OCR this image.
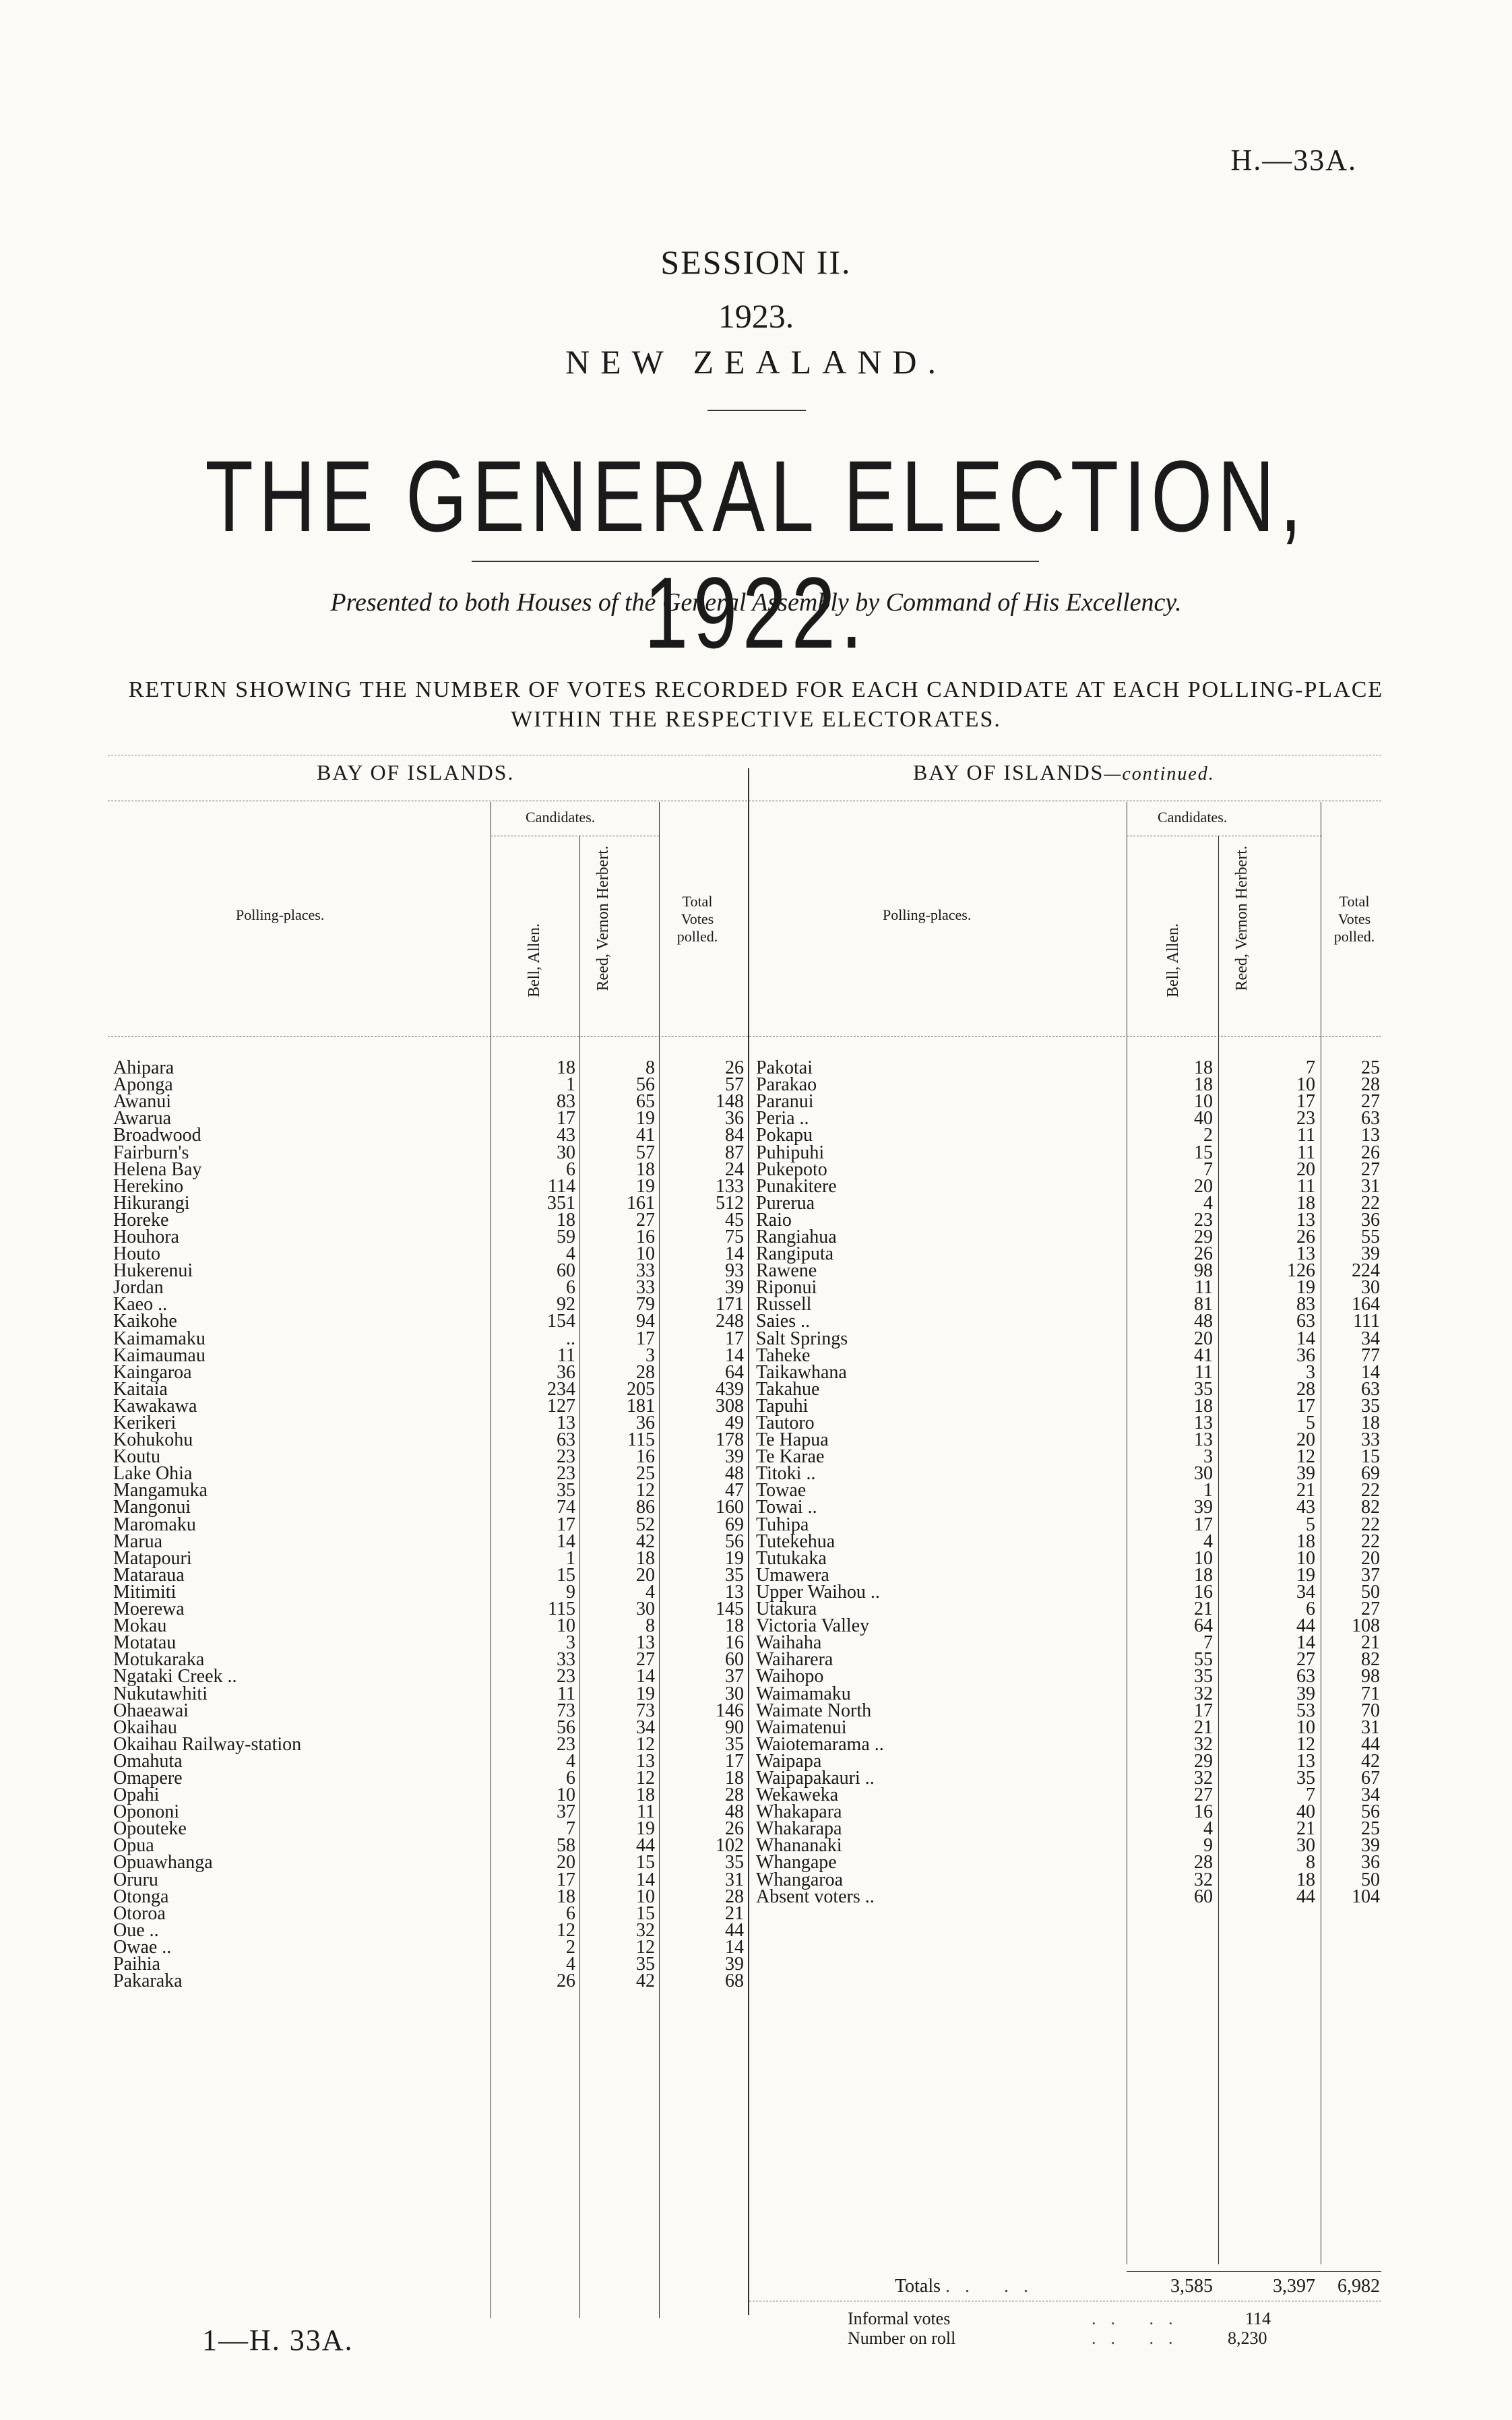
H.—33A.
SESSION II.
1923.
NEW ZEALAND.
THE GENERAL ELECTION, 1922.
Presented to both Houses of the General Assembly by Command of His Excellency.
RETURN SHOWING THE NUMBER OF VOTES RECORDED FOR EACH CANDIDATE AT EACH POLLING-PLACE
WITHIN THE RESPECTIVE ELECTORATES.
BAY OF ISLANDS.	BAY OF ISLANDS—continued.
Candidates.
Polling-places.
Bell, Allen.	Reed, Vernon Herbert.	Total Votes polled.
Candidates.
Polling-places.
Bell, Allen.	Reed, Vernon Herbert.	Total Votes polled.
Ahipara	18	8	26
Aponga	1	56	57
Awanui	83	65	148
Awarua	17	19	36
Broadwood	43	41	84
Fairburn's	30	57	87
Helena Bay	6	18	24
Herekino	114	19	133
Hikurangi	351	161	512
Horeke	18	27	45
Houhora	59	16	75
Houto	4	10	14
Hukerenui	60	33	93
Jordan	6	33	39
Kaeo ..	92	79	171
Kaikohe	154	94	248
Kaimamaku	..	17	17
Kaimaumau	11	3	14
Kaingaroa	36	28	64
Kaitaia	234	205	439
Kawakawa	127	181	308
Kerikeri	13	36	49
Kohukohu	63	115	178
Koutu	23	16	39
Lake Ohia	23	25	48
Mangamuka	35	12	47
Mangonui	74	86	160
Maromaku	17	52	69
Marua	14	42	56
Matapouri	1	18	19
Mataraua	15	20	35
Mitimiti	9	4	13
Moerewa	115	30	145
Mokau	10	8	18
Motatau	3	13	16
Motukaraka	33	27	60
Ngataki Creek ..	23	14	37
Nukutawhiti	11	19	30
Ohaeawai	73	73	146
Okaihau	56	34	90
Okaihau Railway-station	23	12	35
Omahuta	4	13	17
Omapere	6	12	18
Opahi	10	18	28
Opononi	37	11	48
Opouteke	7	19	26
Opua	58	44	102
Opuawhanga	20	15	35
Oruru	17	14	31
Otonga	18	10	28
Otoroa	6	15	21
Oue ..	12	32	44
Owae ..	2	12	14
Paihia	4	35	39
Pakaraka	26	42	68
Pakotai	18	7	25
Parakao	18	10	28
Paranui	10	17	27
Peria ..	40	23	63
Pokapu	2	11	13
Puhipuhi	15	11	26
Pukepoto	7	20	27
Punakitere	20	11	31
Purerua	4	18	22
Raio	23	13	36
Rangiahua	29	26	55
Rangiputa	26	13	39
Rawene	98	126	224
Riponui	11	19	30
Russell	81	83	164
Saies ..	48	63	111
Salt Springs	20	14	34
Taheke	41	36	77
Taikawhana	11	3	14
Takahue	35	28	63
Tapuhi	18	17	35
Tautoro	13	5	18
Te Hapua	13	20	33
Te Karae	3	12	15
Titoki ..	30	39	69
Towae	1	21	22
Towai ..	39	43	82
Tuhipa	17	5	22
Tutekehua	4	18	22
Tutukaka	10	10	20
Umawera	18	19	37
Upper Waihou ..	16	34	50
Utakura	21	6	27
Victoria Valley	64	44	108
Waihaha	7	14	21
Waiharera	55	27	82
Waihopo	35	63	98
Waimamaku	32	39	71
Waimate North	17	53	70
Waimatenui	21	10	31
Waiotemarama ..	32	12	44
Waipapa	29	13	42
Waipapakauri ..	32	35	67
Wekaweka	27	7	34
Whakapara	16	40	56
Whakarapa	4	21	25
Whananaki	9	30	39
Whangape	28	8	36
Whangaroa	32	18	50
Absent voters ..	60	44	104
Totals .. ..	3,585	3,397	6,982
Informal votes	.. ..	114
Number on roll	.. .. 8,230
1—H. 33A.
